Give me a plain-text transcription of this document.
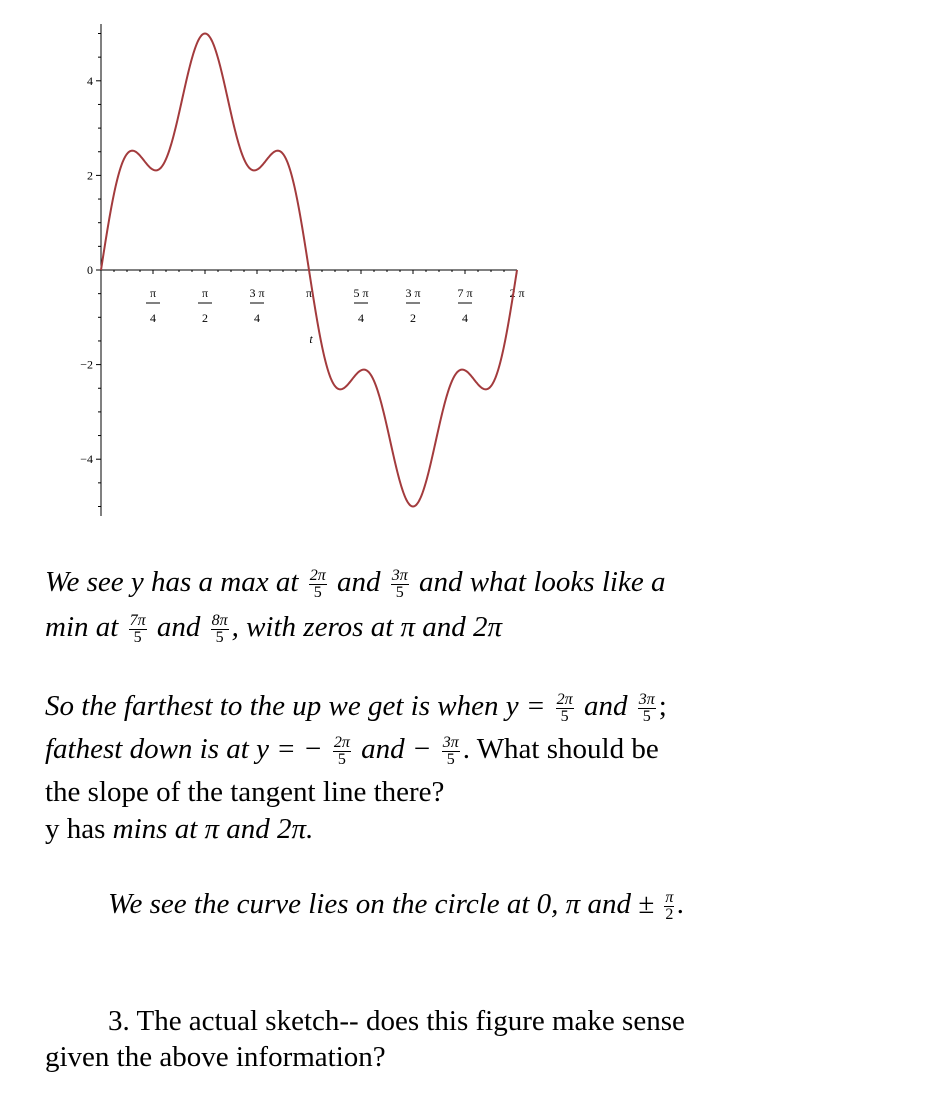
4
2
0
−2
−4
π
4
π
2
3 π
4
π	5 π
4
3 π
2
7 π
4
2 π
t
We see y has a max at $\frac{2\pi}{5}$ and $\frac{3\pi}{5}$ and what looks like a
min at $\frac{7\pi}{5}$ and $\frac{8\pi}{5}$ , with zeros at π and 2π
So the farthest to the up we get is when $y = \frac{2\pi}{5}$ and $\frac{3\pi}{5}$ ;
fathest down is at y = − $\frac{2\pi}{5}$ and − $\frac{3\pi}{5}$ . What should be
the slope of the tangent line there?
y has mins at π and 2π.
We see the curve lies on the circle at 0, π and ± $\frac{\pi}{2}$ .
3. The actual sketch-- does this figure make sense
given the above information?
